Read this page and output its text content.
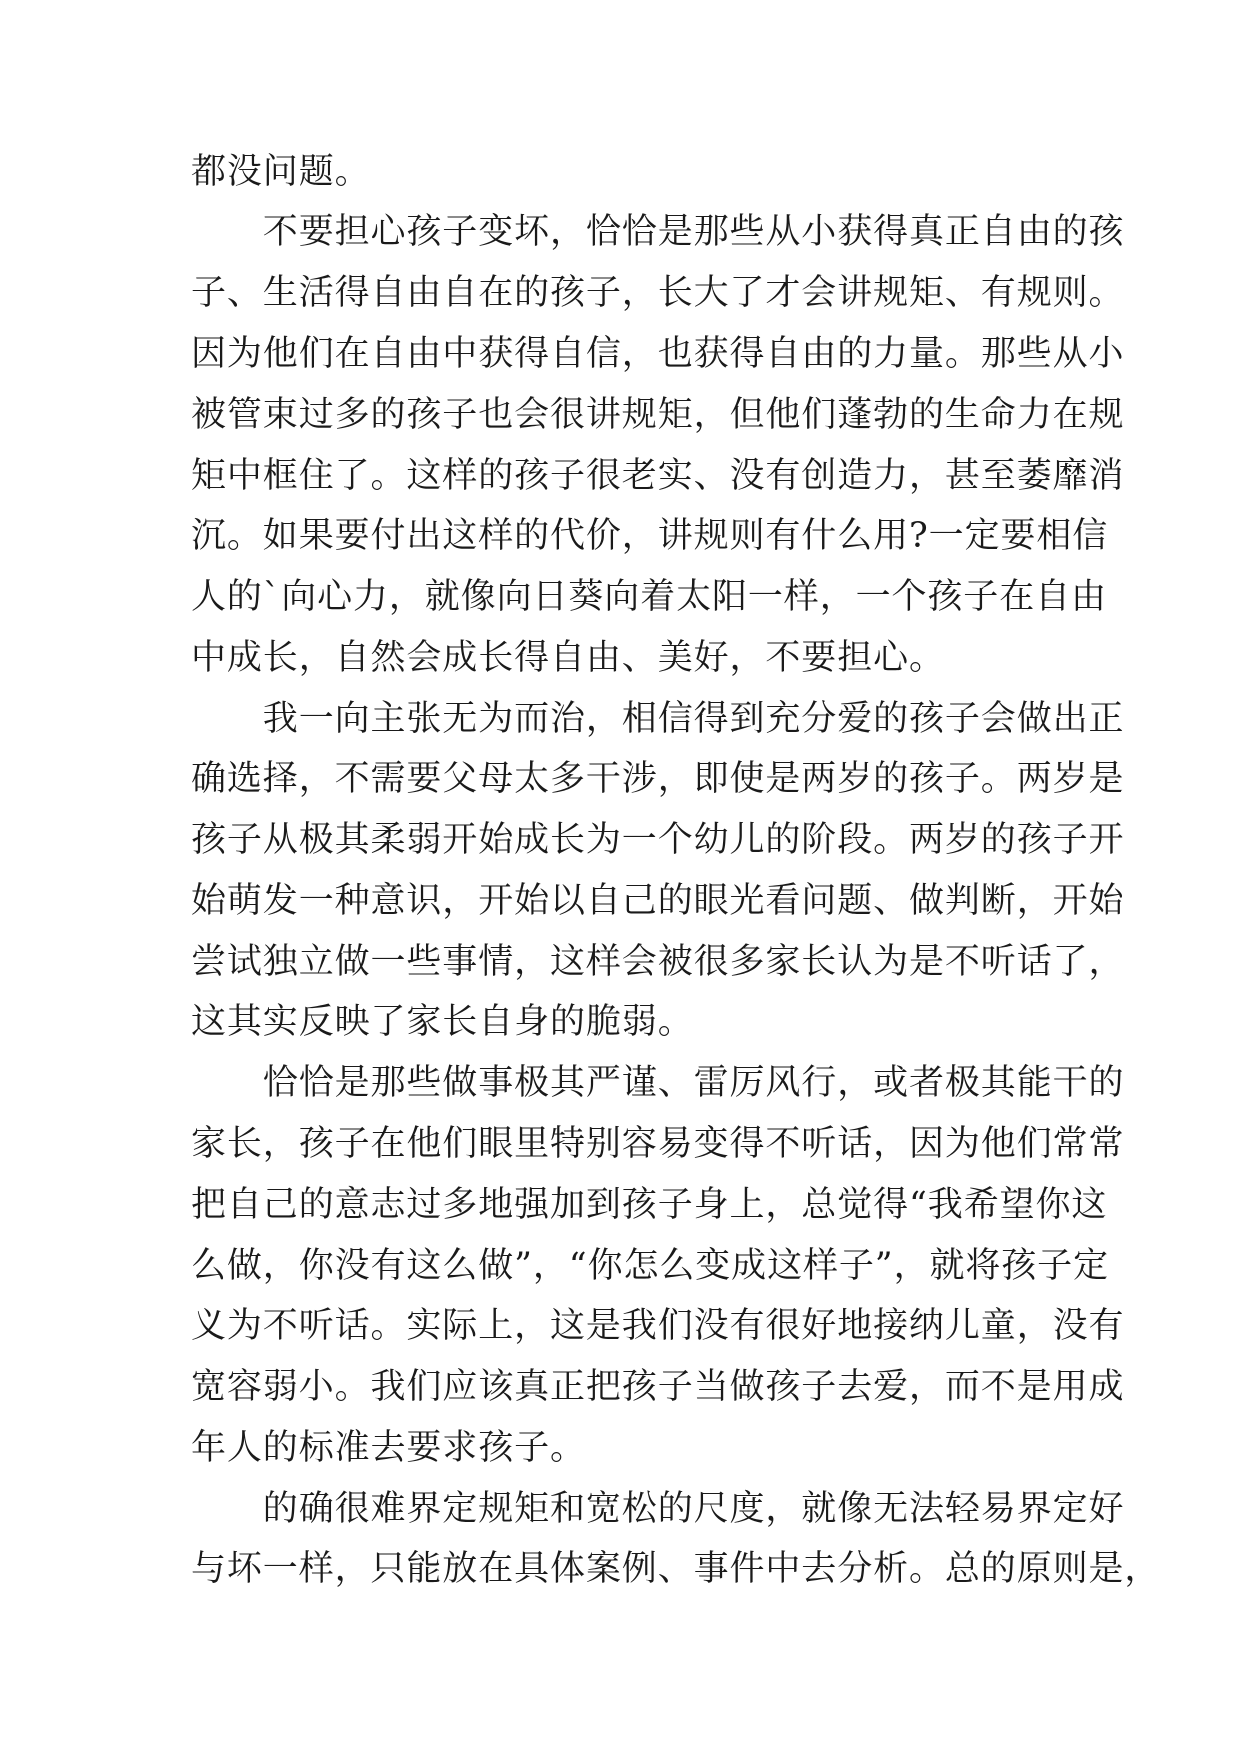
都没问题。
　　不要担心孩子变坏，恰恰是那些从小获得真正自由的孩
子、生活得自由自在的孩子，长大了才会讲规矩、有规则。
因为他们在自由中获得自信，也获得自由的力量。那些从小
被管束过多的孩子也会很讲规矩，但他们蓬勃的生命力在规
矩中框住了。这样的孩子很老实、没有创造力，甚至萎靡消
沉。如果要付出这样的代价，讲规则有什么用?一定要相信
人的`向心力，就像向日葵向着太阳一样，一个孩子在自由
中成长，自然会成长得自由、美好，不要担心。
　　我一向主张无为而治，相信得到充分爱的孩子会做出正
确选择，不需要父母太多干涉，即使是两岁的孩子。两岁是
孩子从极其柔弱开始成长为一个幼儿的阶段。两岁的孩子开
始萌发一种意识，开始以自己的眼光看问题、做判断，开始
尝试独立做一些事情，这样会被很多家长认为是不听话了，
这其实反映了家长自身的脆弱。
　　恰恰是那些做事极其严谨、雷厉风行，或者极其能干的
家长，孩子在他们眼里特别容易变得不听话，因为他们常常
把自己的意志过多地强加到孩子身上，总觉得“我希望你这
么做，你没有这么做”，“你怎么变成这样子”，就将孩子定
义为不听话。实际上，这是我们没有很好地接纳儿童，没有
宽容弱小。我们应该真正把孩子当做孩子去爱，而不是用成
年人的标准去要求孩子。
　　的确很难界定规矩和宽松的尺度，就像无法轻易界定好
与坏一样，只能放在具体案例、事件中去分析。总的原则是，
